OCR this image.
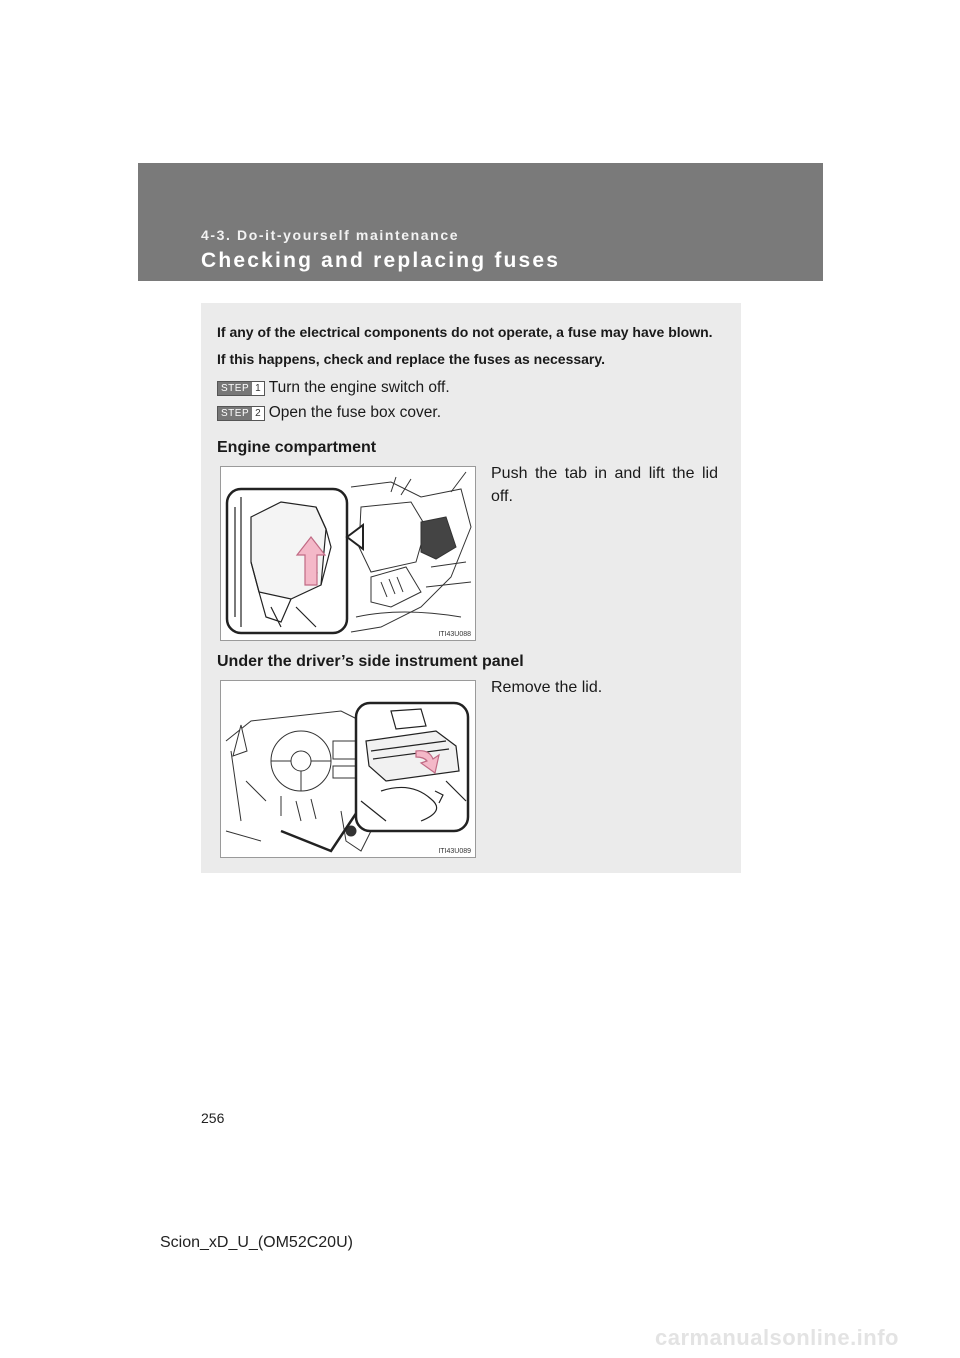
4-3. Do-it-yourself maintenance
Checking and replacing fuses
If any of the electrical components do not operate, a fuse may have blown. If this happens, check and replace the fuses as necessary.
STEP 1 Turn the engine switch off.
STEP 2 Open the fuse box cover.
Engine compartment
ITI43U088
Push the tab in and lift the lid off.
Under the driver’s side instrument panel
ITI43U089
Remove the lid.
256
Scion_xD_U_(OM52C20U)
carmanualsonline.info
